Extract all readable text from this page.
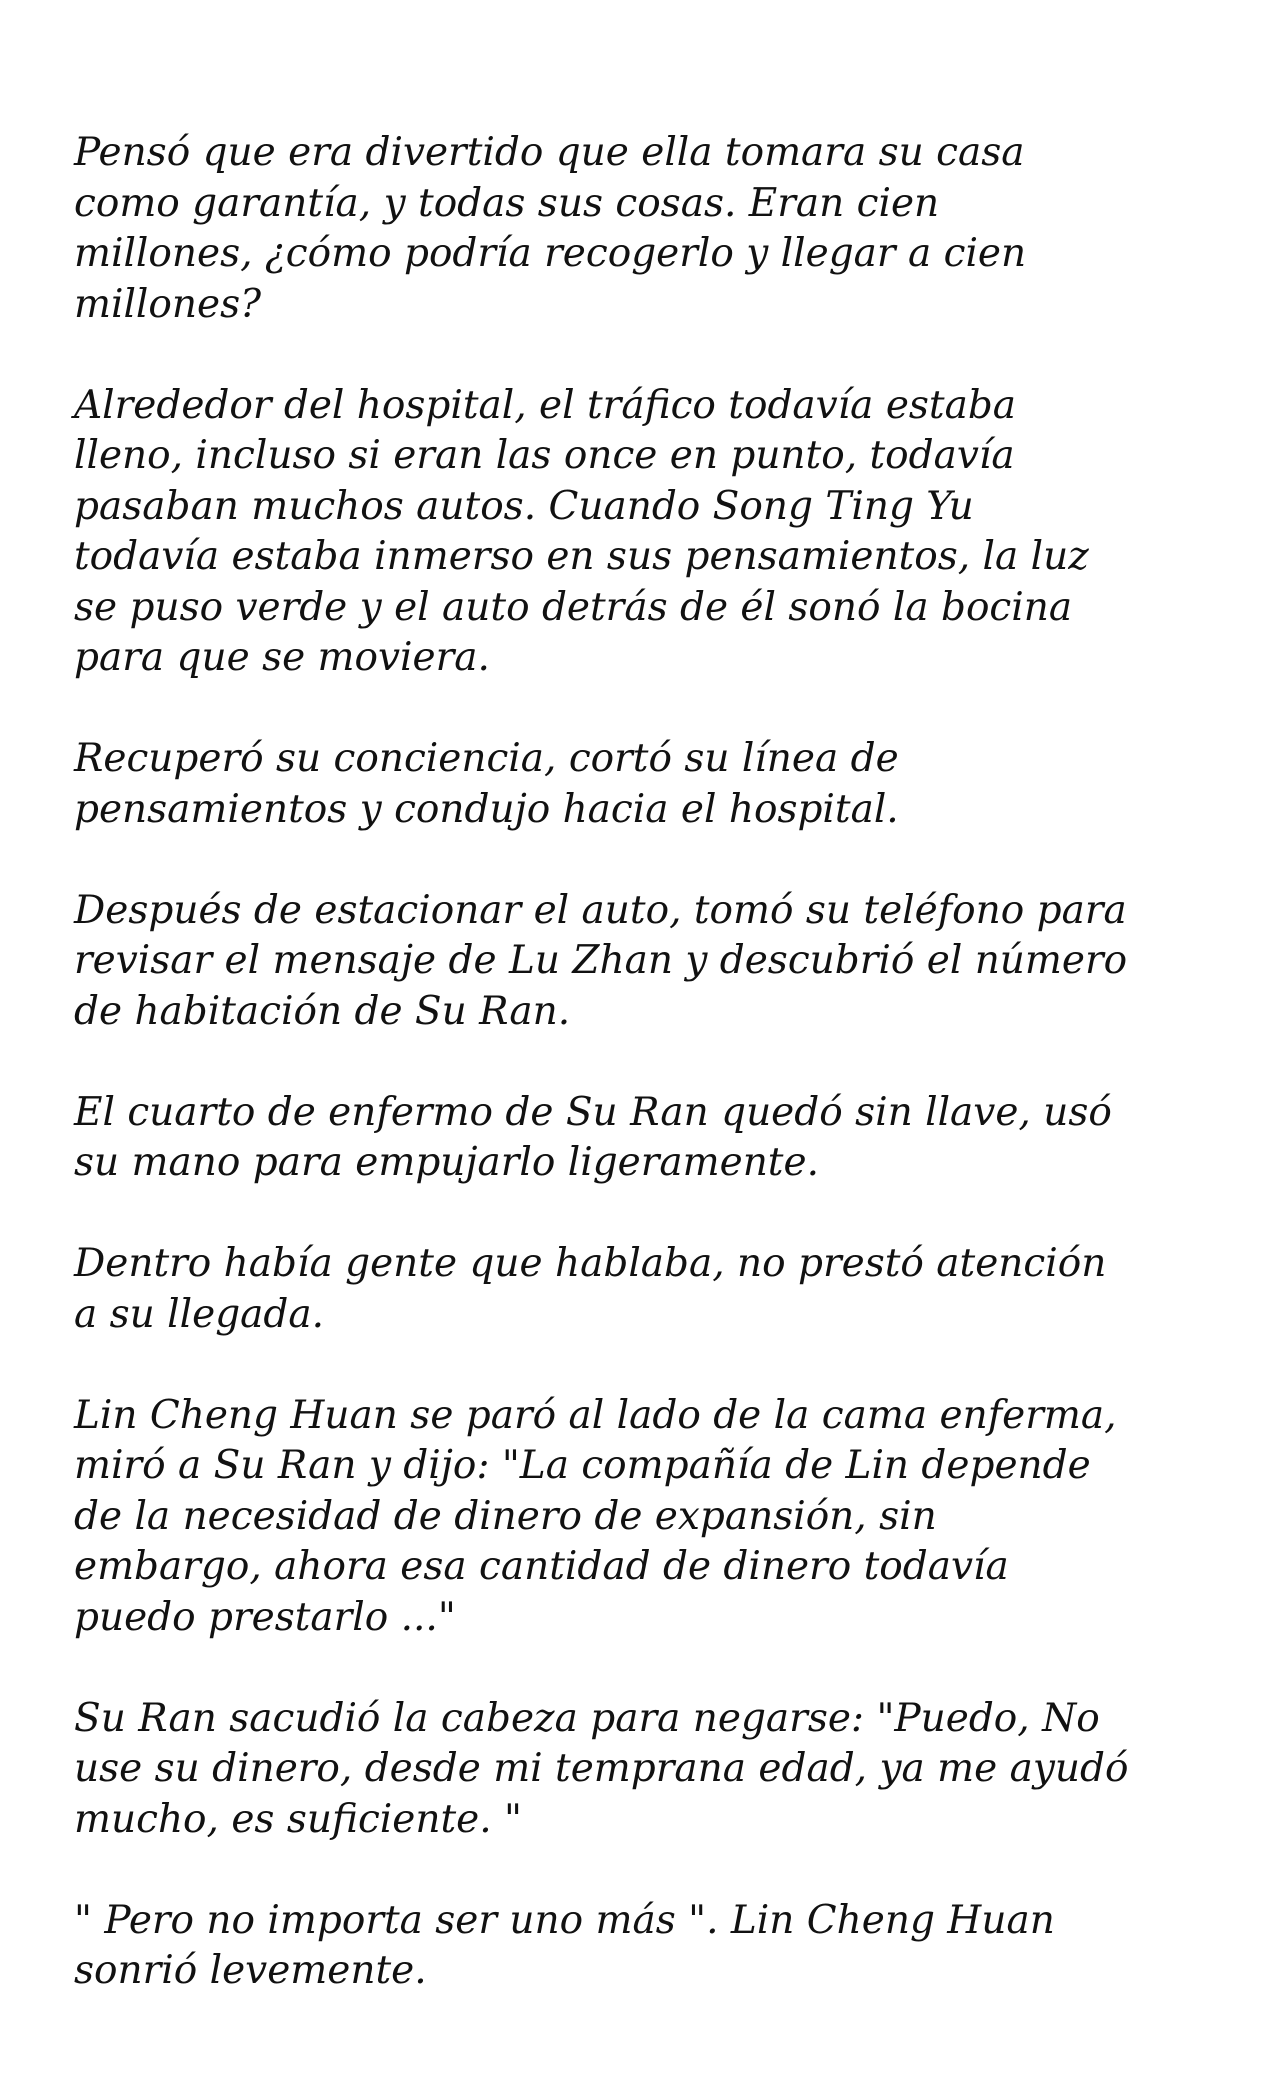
Pensó que era divertido que ella tomara su casa
como garantía, y todas sus cosas. Eran cien
millones, ¿cómo podría recogerlo y llegar a cien
millones?

Alrededor del hospital, el tráfico todavía estaba
lleno, incluso si eran las once en punto, todavía
pasaban muchos autos. Cuando Song Ting Yu
todavía estaba inmerso en sus pensamientos, la luz
se puso verde y el auto detrás de él sonó la bocina
para que se moviera.

Recuperó su conciencia, cortó su línea de
pensamientos y condujo hacia el hospital.

Después de estacionar el auto, tomó su teléfono para
revisar el mensaje de Lu Zhan y descubrió el número
de habitación de Su Ran.

El cuarto de enfermo de Su Ran quedó sin llave, usó
su mano para empujarlo ligeramente.

Dentro había gente que hablaba, no prestó atención
a su llegada.

Lin Cheng Huan se paró al lado de la cama enferma,
miró a Su Ran y dijo: "La compañía de Lin depende
de la necesidad de dinero de expansión, sin
embargo, ahora esa cantidad de dinero todavía
puedo prestarlo ..."

Su Ran sacudió la cabeza para negarse: "Puedo, No
use su dinero, desde mi temprana edad, ya me ayudó
mucho, es suficiente. "

" Pero no importa ser uno más ". Lin Cheng Huan
sonrió levemente.
